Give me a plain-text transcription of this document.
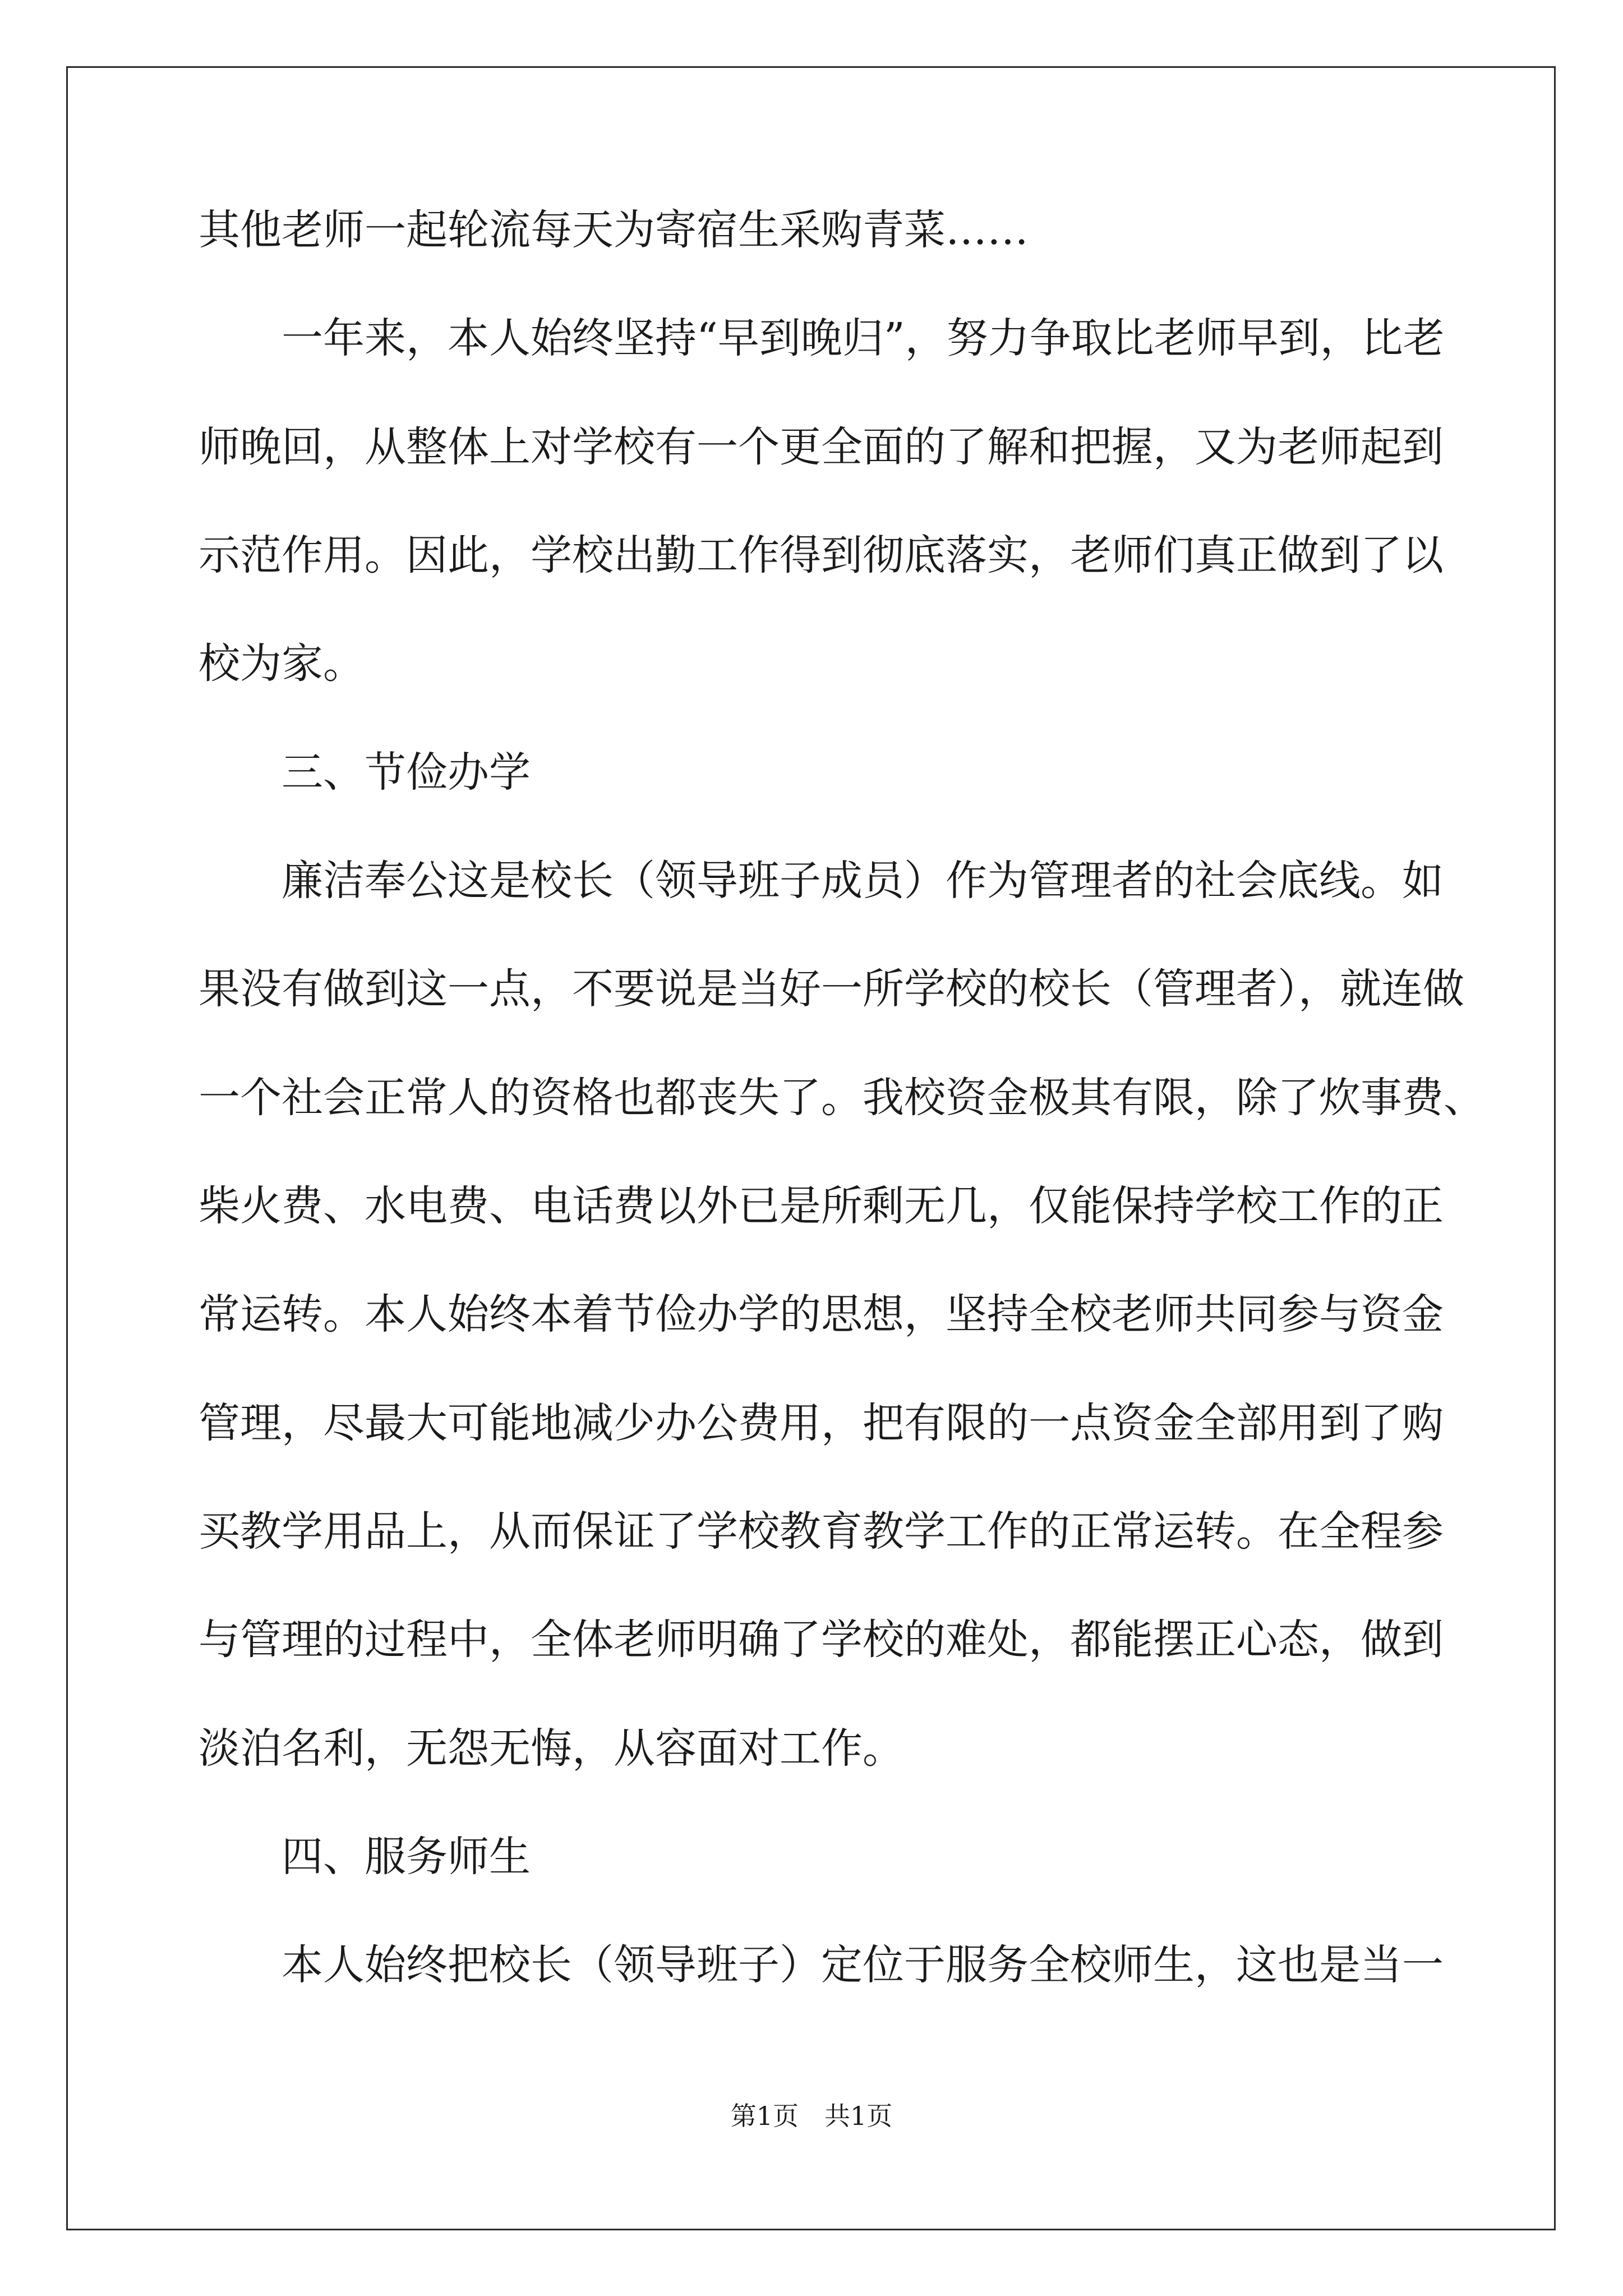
其他老师一起轮流每天为寄宿生采购青菜……
　　一年来，本人始终坚持“早到晚归”，努力争取比老师早到，比老
师晚回，从整体上对学校有一个更全面的了解和把握，又为老师起到
示范作用。因此，学校出勤工作得到彻底落实，老师们真正做到了以
校为家。
　　三、节俭办学
　　廉洁奉公这是校长（领导班子成员）作为管理者的社会底线。如
果没有做到这一点，不要说是当好一所学校的校长（管理者），就连做
一个社会正常人的资格也都丧失了。我校资金极其有限，除了炊事费、
柴火费、水电费、电话费以外已是所剩无几，仅能保持学校工作的正
常运转。本人始终本着节俭办学的思想，坚持全校老师共同参与资金
管理，尽最大可能地减少办公费用，把有限的一点资金全部用到了购
买教学用品上，从而保证了学校教育教学工作的正常运转。在全程参
与管理的过程中，全体老师明确了学校的难处，都能摆正心态，做到
淡泊名利，无怨无悔，从容面对工作。
　　四、服务师生
　　本人始终把校长（领导班子）定位于服务全校师生，这也是当一
第1页　共1页
